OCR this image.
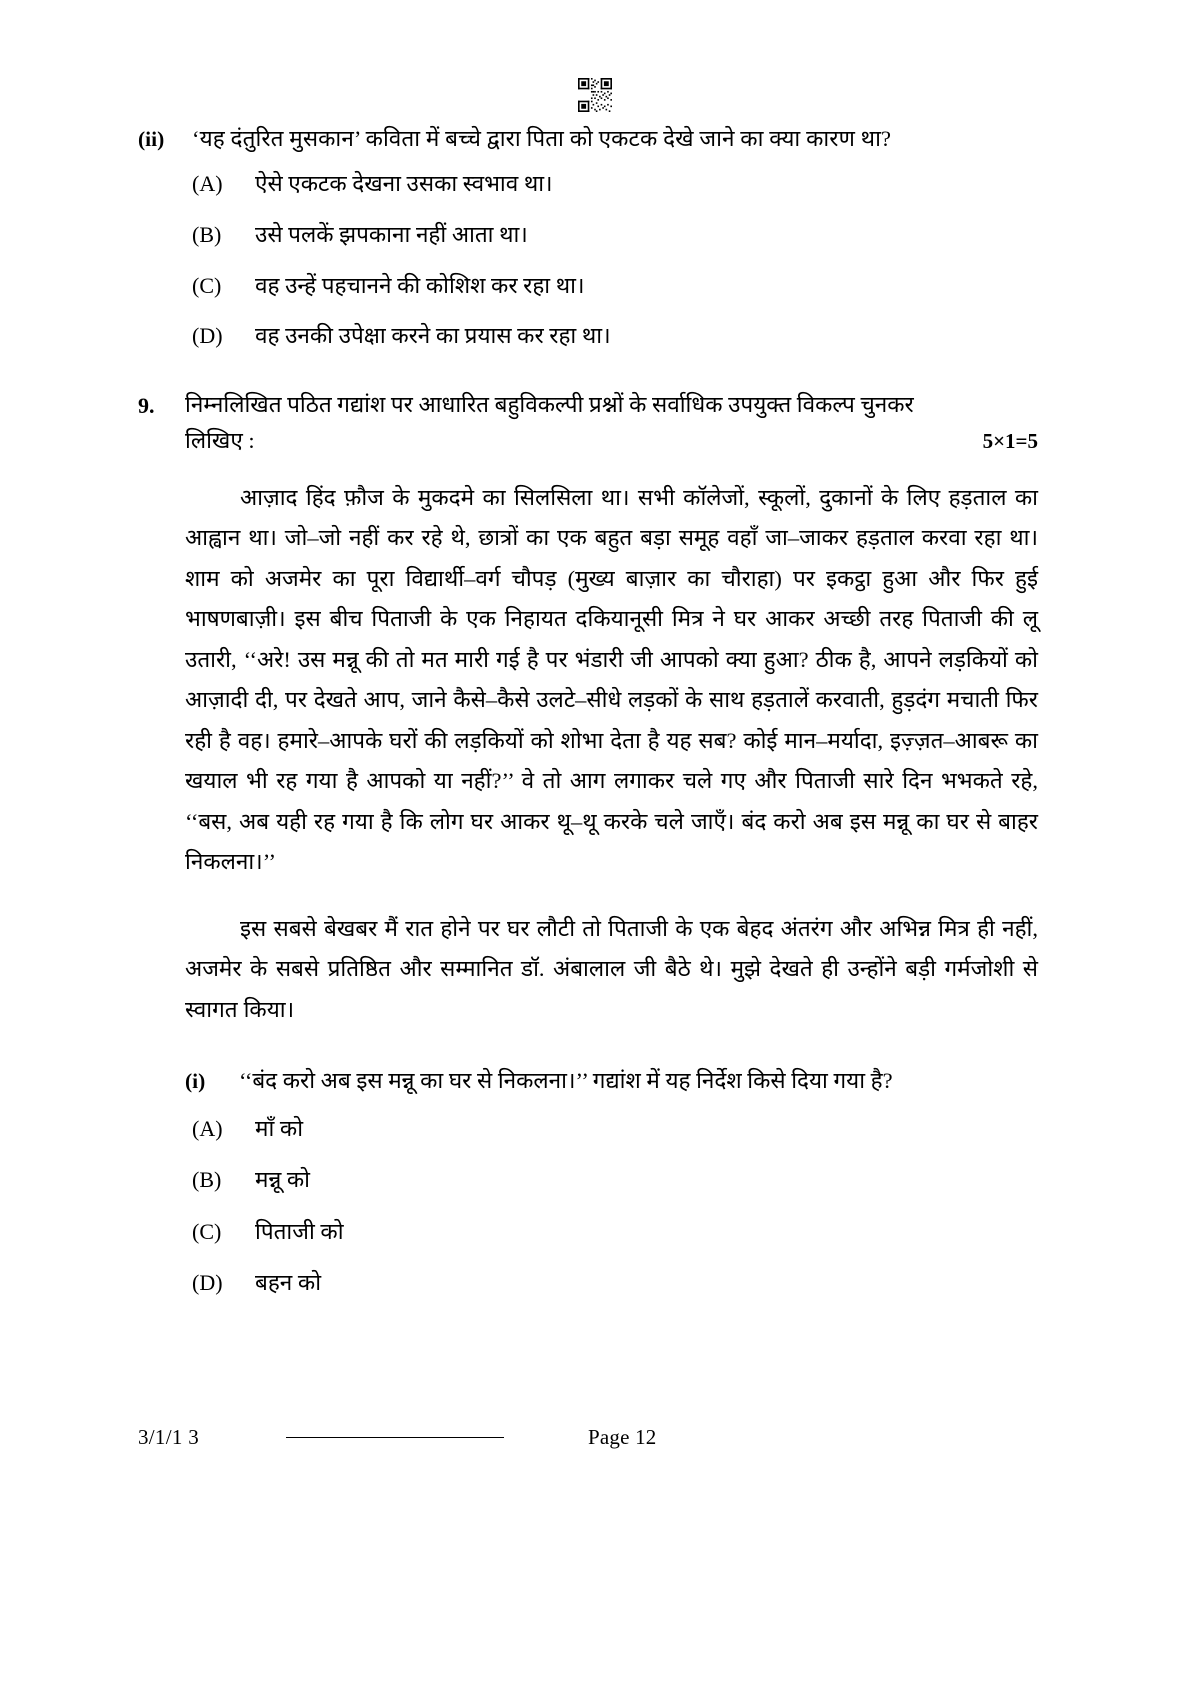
(ii)	‘यह दंतुरित मुसकान’ कविता में बच्चे द्वारा पिता को एकटक देखे जाने का क्या कारण था?
(A)	ऐसे एकटक देखना उसका स्वभाव था।
(B)	उसे पलकें झपकाना नहीं आता था।
(C)	वह उन्हें पहचानने की कोशिश कर रहा था।
(D)	वह उनकी उपेक्षा करने का प्रयास कर रहा था।
9.	निम्नलिखित पठित गद्यांश पर आधारित बहुविकल्पी प्रश्नों के सर्वाधिक उपयुक्त विकल्प चुनकर
लिखिए :	5×1=5

आज़ाद हिंद फ़ौज के मुकदमे का सिलसिला था। सभी कॉलेजों, स्कूलों, दुकानों के लिए हड़ताल का आह्वान था। जो–जो नहीं कर रहे थे, छात्रों का एक बहुत बड़ा समूह वहाँ जा–जाकर हड़ताल करवा रहा था। शाम को अजमेर का पूरा विद्यार्थी–वर्ग चौपड़ (मुख्य बाज़ार का चौराहा) पर इकट्ठा हुआ और फिर हुई भाषणबाज़ी। इस बीच पिताजी के एक निहायत दकियानूसी मित्र ने घर आकर अच्छी तरह पिताजी की लू उतारी, ‘‘अरे! उस मन्नू की तो मत मारी गई है पर भंडारी जी आपको क्या हुआ? ठीक है, आपने लड़कियों को आज़ादी दी, पर देखते आप, जाने कैसे–कैसे उलटे–सीधे लड़कों के साथ हड़तालें करवाती, हुड़दंग मचाती फिर रही है वह। हमारे–आपके घरों की लड़कियों को शोभा देता है यह सब? कोई मान–मर्यादा, इज़्ज़त–आबरू का खयाल भी रह गया है आपको या नहीं?’’ वे तो आग लगाकर चले गए और पिताजी सारे दिन भभकते रहे, ‘‘बस, अब यही रह गया है कि लोग घर आकर थू–थू करके चले जाएँ। बंद करो अब इस मन्नू का घर से बाहर निकलना।’’

इस सबसे बेखबर मैं रात होने पर घर लौटी तो पिताजी के एक बेहद अंतरंग और अभिन्न मित्र ही नहीं, अजमेर के सबसे प्रतिष्ठित और सम्मानित डॉ. अंबालाल जी बैठे थे। मुझे देखते ही उन्होंने बड़ी गर्मजोशी से स्वागत किया।

(i)	‘‘बंद करो अब इस मन्नू का घर से निकलना।’’ गद्यांश में यह निर्देश किसे दिया गया है?
(A)	माँ को
(B)	मन्नू को
(C)	पिताजी को
(D)	बहन को
3/1/1 3	Page 12
